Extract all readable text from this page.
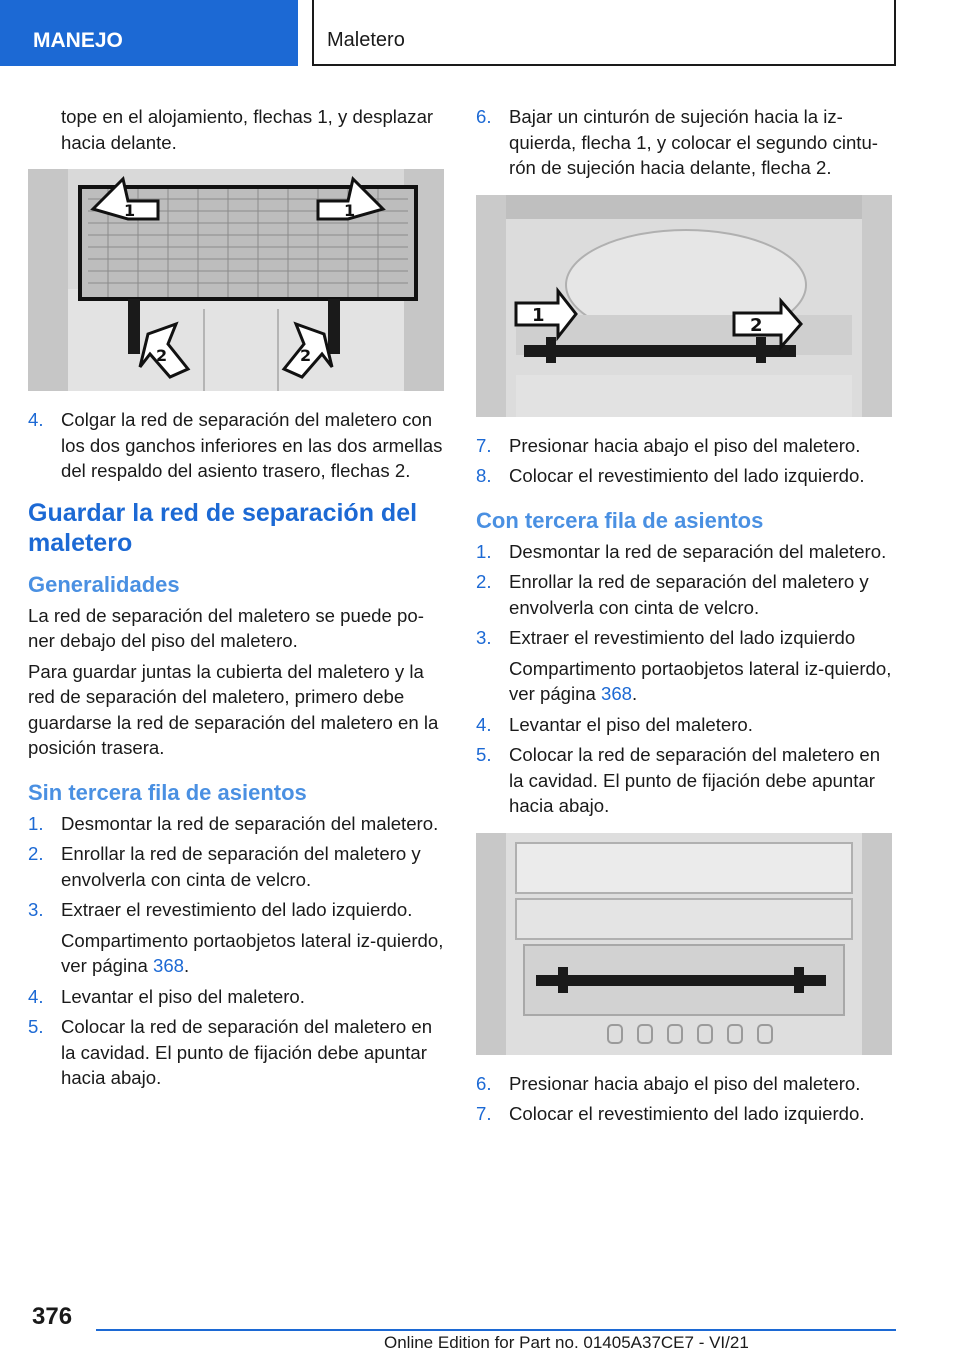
MANEJO	Maletero

tope en el alojamiento, flechas 1, y desplazar hacia delante.

1	1
2	2
4. Colgar la red de separación del maletero con los dos ganchos inferiores en las dos armellas del respaldo del asiento trasero, flechas 2.
Guardar la red de separación del maletero
Generalidades

La red de separación del maletero se puede po‐ner debajo del piso del maletero.

Para guardar juntas la cubierta del maletero y la red de separación del maletero, primero debe guardarse la red de separación del maletero en la posición trasera.

Sin tercera fila de asientos
1. Desmontar la red de separación del maletero.
2. Enrollar la red de separación del maletero y envolverla con cinta de velcro.
3. Extraer el revestimiento del lado izquierdo.

Compartimento portaobjetos lateral iz‐quierdo, ver página 368.

4. Levantar el piso del maletero.
5. Colocar la red de separación del maletero en la cavidad. El punto de fijación debe apuntar hacia abajo.
6. Bajar un cinturón de sujeción hacia la iz‐quierda, flecha 1, y colocar el segundo cintu‐rón de sujeción hacia delante, flecha 2.
1	2
7. Presionar hacia abajo el piso del maletero.
8. Colocar el revestimiento del lado izquierdo.
Con tercera fila de asientos
1. Desmontar la red de separación del maletero.
2. Enrollar la red de separación del maletero y envolverla con cinta de velcro.
3. Extraer el revestimiento del lado izquierdo

Compartimento portaobjetos lateral iz‐quierdo, ver página 368.

4. Levantar el piso del maletero.
5. Colocar la red de separación del maletero en la cavidad. El punto de fijación debe apuntar hacia abajo.
6. Presionar hacia abajo el piso del maletero.
7. Colocar el revestimiento del lado izquierdo.
376
Online Edition for Part no. 01405A37CE7 - VI/21
